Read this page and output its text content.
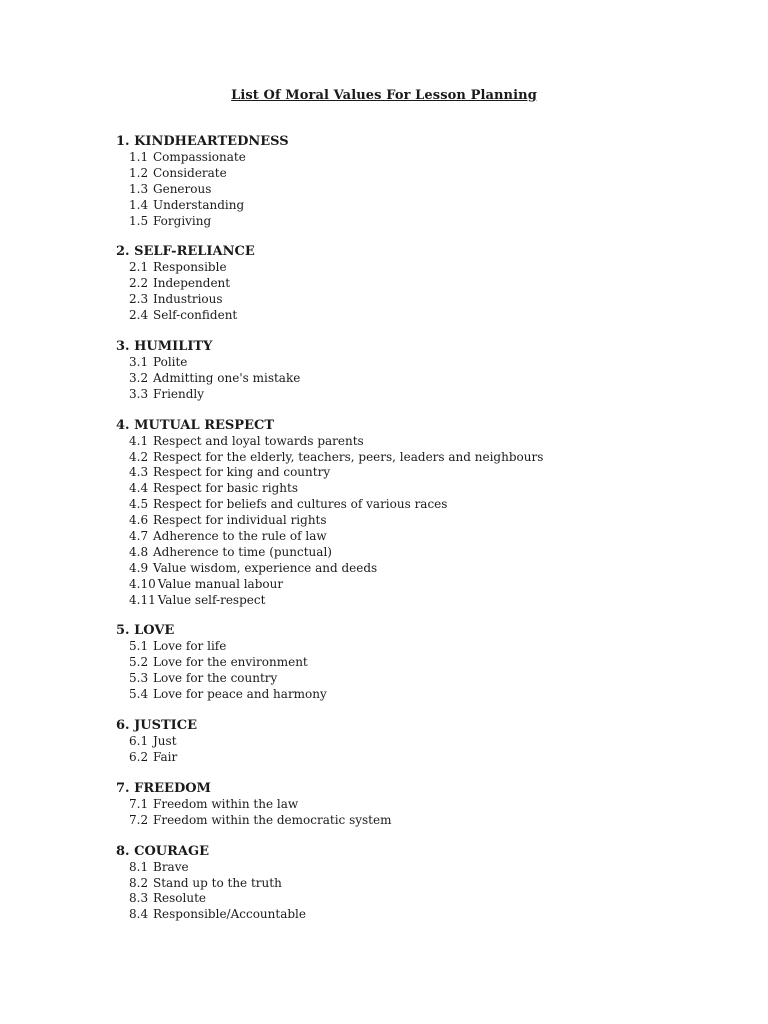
List Of Moral Values For Lesson Planning
1. KINDHEARTEDNESS
1.1 Compassionate
1.2 Considerate
1.3 Generous
1.4 Understanding
1.5 Forgiving
2. SELF-RELIANCE
2.1 Responsible
2.2 Independent
2.3 Industrious
2.4 Self-confident
3. HUMILITY
3.1 Polite
3.2 Admitting one's mistake
3.3 Friendly
4. MUTUAL RESPECT
4.1 Respect and loyal towards parents
4.2 Respect for the elderly, teachers, peers, leaders and neighbours
4.3 Respect for king and country
4.4 Respect for basic rights
4.5 Respect for beliefs and cultures of various races
4.6 Respect for individual rights
4.7 Adherence to the rule of law
4.8 Adherence to time (punctual)
4.9 Value wisdom, experience and deeds
4.10 Value manual labour
4.11 Value self-respect
5. LOVE
5.1 Love for life
5.2 Love for the environment
5.3 Love for the country
5.4 Love for peace and harmony
6. JUSTICE
6.1 Just
6.2 Fair
7. FREEDOM
7.1 Freedom within the law
7.2 Freedom within the democratic system
8. COURAGE
8.1 Brave
8.2 Stand up to the truth
8.3 Resolute
8.4 Responsible/Accountable
